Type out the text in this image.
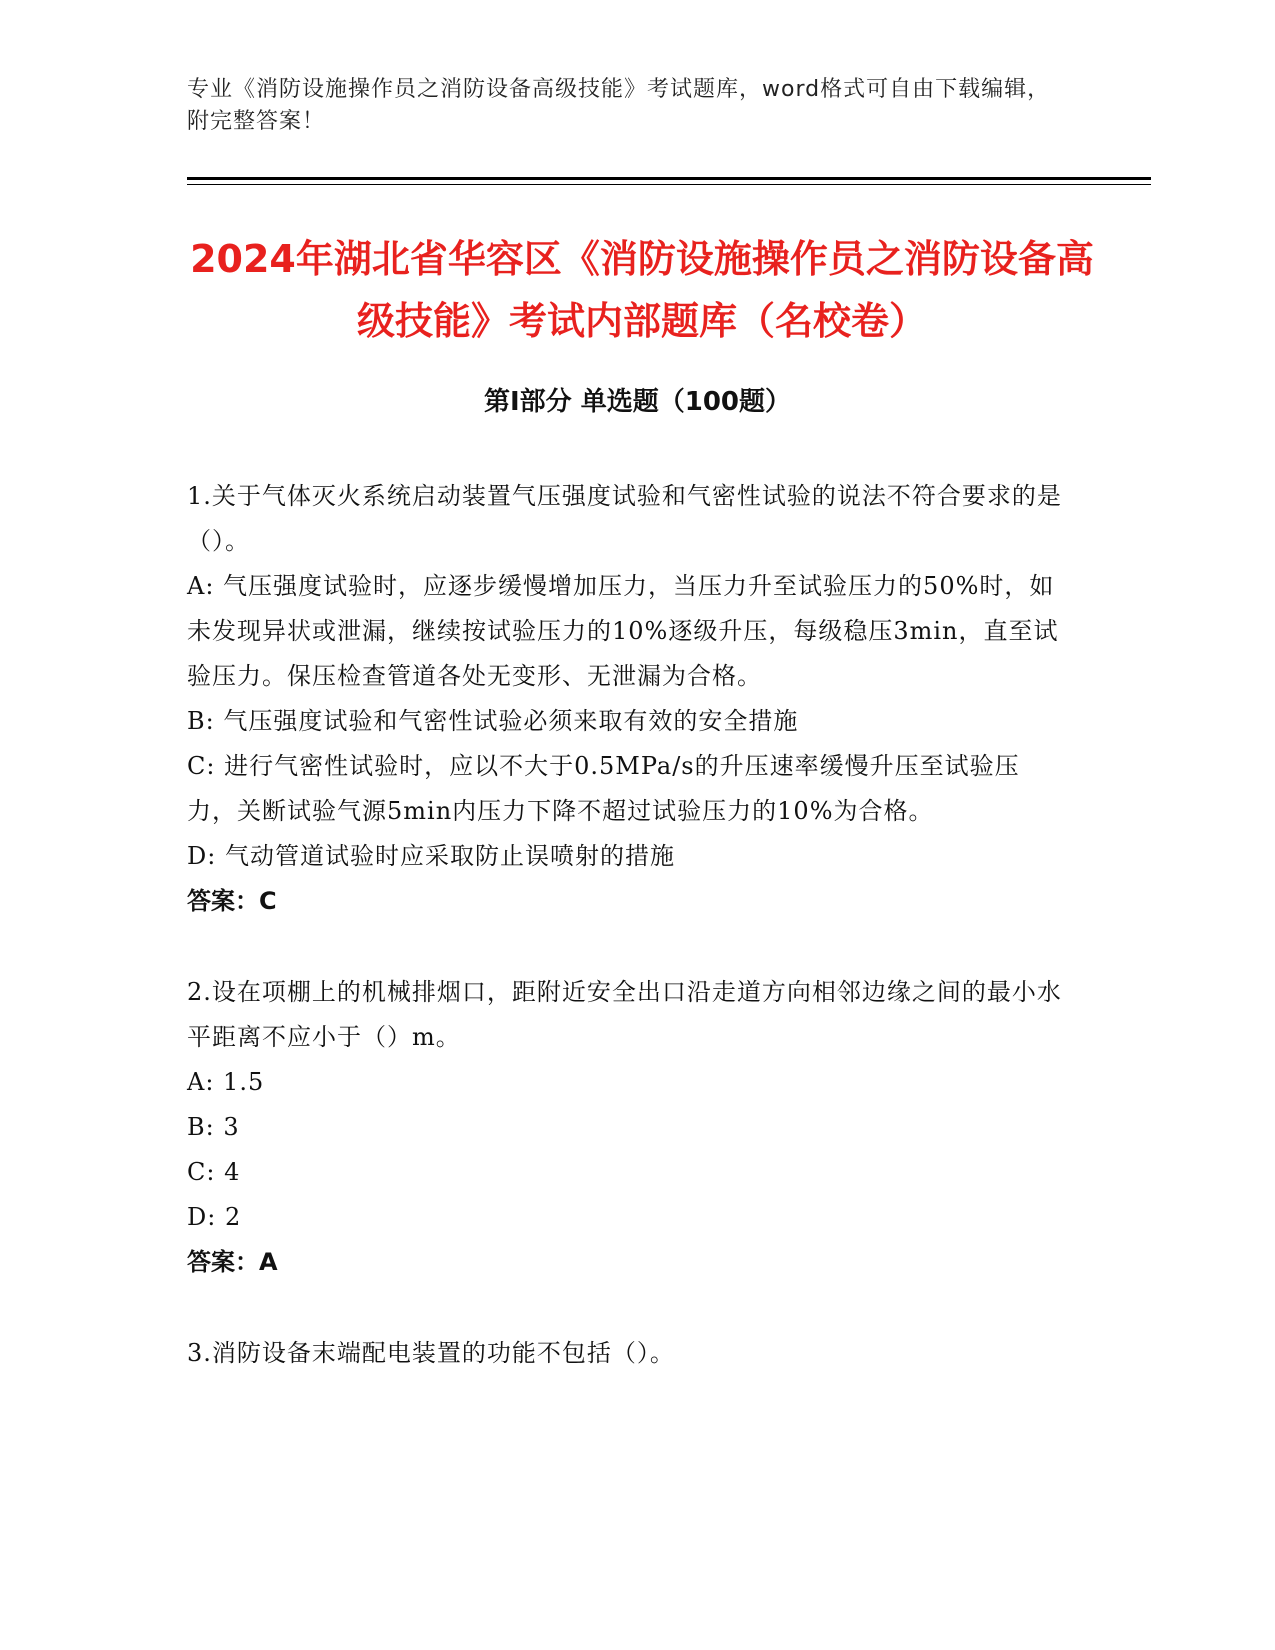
专业《消防设施操作员之消防设备高级技能》考试题库，word格式可自由下载编辑，附完整答案！
2024年湖北省华容区《消防设施操作员之消防设备高级技能》考试内部题库（名校卷）
第I部分 单选题（100题）

1.关于气体灭火系统启动装置气压强度试验和气密性试验的说法不符合要求的是（）。

A: 气压强度试验时，应逐步缓慢增加压力，当压力升至试验压力的50%时，如未发现异状或泄漏，继续按试验压力的10%逐级升压，每级稳压3min，直至试验压力。保压检查管道各处无变形、无泄漏为合格。

B: 气压强度试验和气密性试验必须来取有效的安全措施

C: 进行气密性试验时，应以不大于0.5MPa/s的升压速率缓慢升压至试验压力，关断试验气源5min内压力下降不超过试验压力的10%为合格。

D: 气动管道试验时应采取防止误喷射的措施

答案：C

2.设在项棚上的机械排烟口，距附近安全出口沿走道方向相邻边缘之间的最小水平距离不应小于（）m。

A: 1.5

B: 3

C: 4

D: 2

答案：A

3.消防设备末端配电装置的功能不包括（）。
